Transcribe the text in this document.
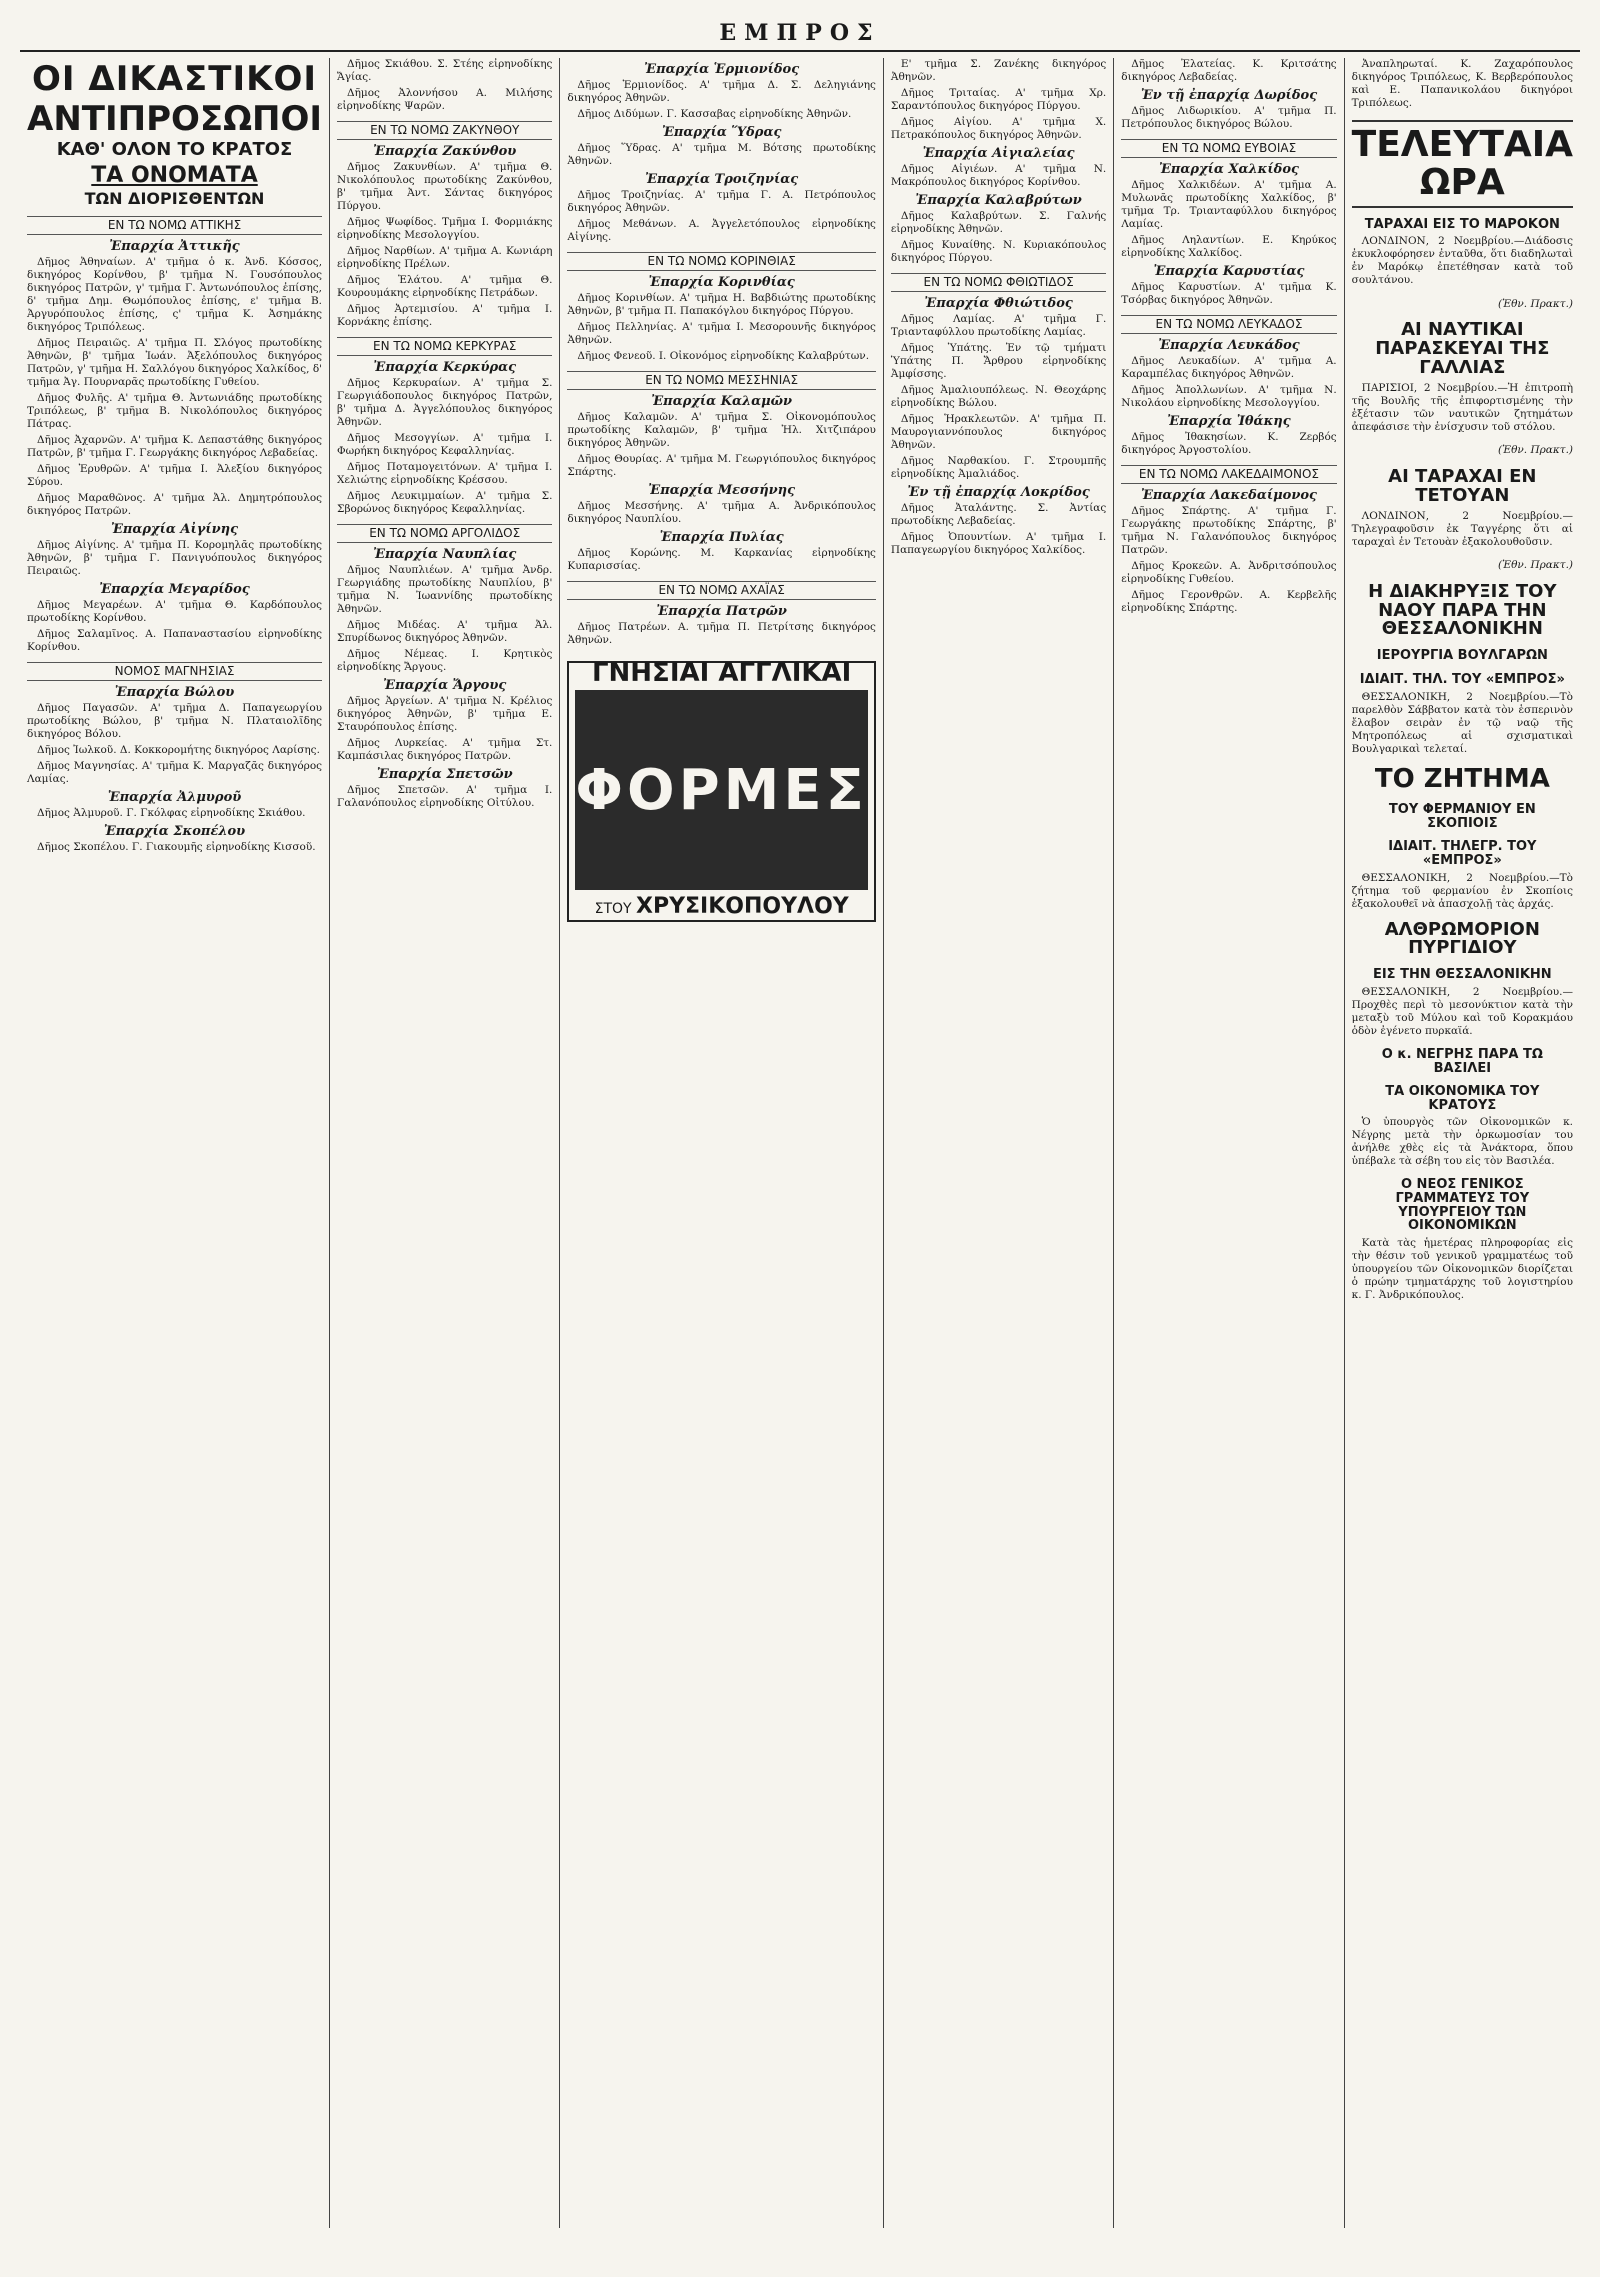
ΕΜΠΡΟΣ
ΟΙ ΔΙΚΑΣΤΙΚΟΙ
ΑΝΤΙΠΡΟΣΩΠΟΙ
ΚΑΘ' ΟΛΟΝ ΤΟ ΚΡΑΤΟΣ
ΤΑ ΟΝΟΜΑΤΑ
ΤΩΝ ΔΙΟΡΙΣΘΕΝΤΩΝ
ΕΝ ΤΩ ΝΟΜΩ ΑΤΤΙΚΗΣ
Ἐπαρχία Ἀττικῆς

Δῆμος Ἀθηναίων. Α' τμῆμα ὁ κ. Ἀνδ. Κόσσος, δικηγόρος Κορίνθου, β' τμῆμα Ν. Γουσόπουλος δικηγόρος Πατρῶν, γ' τμῆμα Γ. Ἀντωνόπουλος ἐπίσης, δ' τμῆμα Δημ. Θωμόπουλος ἐπίσης, ε' τμῆμα Β. Ἀργυρόπουλος ἐπίσης, ς' τμῆμα Κ. Ἀσημάκης δικηγόρος Τριπόλεως.

Δῆμος Πειραιῶς. Α' τμῆμα Π. Σλόγος πρωτοδίκης Ἀθηνῶν, β' τμῆμα Ἰωάν. Ἀξελόπουλος δικηγόρος Πατρῶν, γ' τμῆμα Η. Σαλλόγου δικηγόρος Χαλκίδος, δ' τμῆμα Ἀγ. Πουρναρᾶς πρωτοδίκης Γυθείου.

Δῆμος Φυλῆς. Α' τμῆμα Θ. Ἀντωνιάδης πρωτοδίκης Τριπόλεως, β' τμῆμα Β. Νικολόπουλος δικηγόρος Πάτρας.

Δῆμος Ἀχαρνῶν. Α' τμῆμα Κ. Δεπαστάθης δικηγόρος Πατρῶν, β' τμῆμα Γ. Γεωργάκης δικηγόρος Λεβαδείας.

Δῆμος Ἐρυθρῶν. Α' τμῆμα Ι. Ἀλεξίου δικηγόρος Σύρου.

Δῆμος Μαραθῶνος. Α' τμῆμα Ἀλ. Δημητρόπουλος δικηγόρος Πατρῶν.

Ἐπαρχία Αἰγίνης

Δῆμος Αἰγίνης. Α' τμῆμα Π. Κορομηλᾶς πρωτοδίκης Ἀθηνῶν, β' τμῆμα Γ. Πανιγυόπουλος δικηγόρος Πειραιῶς.

Ἐπαρχία Μεγαρίδος

Δῆμος Μεγαρέων. Α' τμῆμα Θ. Καρδόπουλος πρωτοδίκης Κορίνθου.

Δῆμος Σαλαμῖνος. Α. Παπαναστασίου εἰρηνοδίκης Κορίνθου.

ΝΟΜΟΣ ΜΑΓΝΗΣΙΑΣ
Ἐπαρχία Βώλου

Δῆμος Παγασῶν. Α' τμῆμα Δ. Παπαγεωργίου πρωτοδίκης Βώλου, β' τμῆμα Ν. Πλαταιολῖδης δικηγόρος Βόλου.

Δῆμος Ἰωλκοῦ. Δ. Κοκκορομήτης δικηγόρος Λαρίσης.

Δῆμος Μαγνησίας. Α' τμῆμα Κ. Μαργαζᾶς δικηγόρος Λαμίας.

Ἐπαρχία Ἀλμυροῦ

Δῆμος Ἀλμυροῦ. Γ. Γκόλφας εἰρηνοδίκης Σκιάθου.

Ἐπαρχία Σκοπέλου

Δῆμος Σκοπέλου. Γ. Γιακουμῆς εἰρηνοδίκης Κισσοῦ.

Δῆμος Σκιάθου. Σ. Στέης εἰρηνοδίκης Ἄγίας.

Δῆμος Ἀλοννήσου Α. Μιλήσης εἰρηνοδίκης Ψαρῶν.

ΕΝ ΤΩ ΝΟΜΩ ΖΑΚΥΝΘΟΥ
Ἐπαρχία Ζακύνθου

Δῆμος Ζακυνθίων. Α' τμῆμα Θ. Νικολόπουλος πρωτοδίκης Ζακύνθου, β' τμῆμα Ἀντ. Σάντας δικηγόρος Πύργου.

Δῆμος Ψωφίδος. Τμῆμα Ι. Φορμιάκης εἰρηνοδίκης Μεσολογγίου.

Δῆμος Ναρθίων. Α' τμῆμα Α. Κωνιάρη εἰρηνοδίκης Πρέλων.

Δῆμος Ἑλάτου. Α' τμῆμα Θ. Κουρουμάκης εἰρηνοδίκης Πετράδων.

Δῆμος Ἀρτεμισίου. Α' τμῆμα Ι. Κορνάκης ἐπίσης.

ΕΝ ΤΩ ΝΟΜΩ ΚΕΡΚΥΡΑΣ
Ἐπαρχία Κερκύρας

Δῆμος Κερκυραίων. Α' τμῆμα Σ. Γεωργιάδοπουλος δικηγόρος Πατρῶν, β' τμῆμα Δ. Ἀγγελόπουλος δικηγόρος Ἀθηνῶν.

Δῆμος Μεσογγίων. Α' τμῆμα Ι. Φωρήκη δικηγόρος Κεφαλληνίας.

Δῆμος Ποταμογειτόνων. Α' τμῆμα Ι. Χελιώτης εἰρηνοδίκης Κρέσσου.

Δῆμος Λευκιμμαίων. Α' τμῆμα Σ. Σβορώνος δικηγόρος Κεφαλληνίας.

ΕΝ ΤΩ ΝΟΜΩ ΑΡΓΟΛΙΔΟΣ
Ἐπαρχία Ναυπλίας

Δῆμος Ναυπλιέων. Α' τμῆμα Ἀνδρ. Γεωργιάδης πρωτοδίκης Ναυπλίου, β' τμῆμα Ν. Ἰωαννίδης πρωτοδίκης Ἀθηνῶν.

Δῆμος Μιδέας. Α' τμῆμα Ἀλ. Σπυρίδωνος δικηγόρος Ἀθηνῶν.

Δῆμος Νέμεας. Ι. Κρητικὸς εἰρηνοδίκης Ἄργους.

Ἐπαρχία Ἄργους

Δῆμος Ἀργείων. Α' τμῆμα Ν. Κρέλιος δικηγόρος Ἀθηνῶν, β' τμῆμα Ε. Σταυρόπουλος ἐπίσης.

Δῆμος Λυρκείας. Α' τμῆμα Στ. Καμπάσιλας δικηγόρος Πατρῶν.

Ἐπαρχία Σπετσῶν

Δῆμος Σπετσῶν. Α' τμῆμα Ι. Γαλανόπουλος εἰρηνοδίκης Οἰτύλου.

Ἐπαρχία Ἑρμιονίδος

Δῆμος Ἑρμιονίδος. Α' τμῆμα Δ. Σ. Δεληγιάνης δικηγόρος Ἀθηνῶν.

Δῆμος Διδύμων. Γ. Κασσαβας εἰρηνοδίκης Ἀθηνῶν.

Ἐπαρχία Ὕδρας

Δῆμος Ὕδρας. Α' τμῆμα Μ. Βότσης πρωτοδίκης Ἀθηνῶν.

Ἐπαρχία Τροιζηνίας

Δῆμος Τροιζηνίας. Α' τμῆμα Γ. Α. Πετρόπουλος δικηγόρος Ἀθηνῶν.

Δῆμος Μεθάνων. Α. Ἀγγελετόπουλος εἰρηνοδίκης Αἰγίνης.

ΕΝ ΤΩ ΝΟΜΩ ΚΟΡΙΝΘΙΑΣ
Ἐπαρχία Κορινθίας

Δῆμος Κορινθίων. Α' τμῆμα Η. Βαβδιώτης πρωτοδίκης Ἀθηνῶν, β' τμῆμα Π. Παπακόγλου δικηγόρος Πύργου.

Δῆμος Πελληνίας. Α' τμῆμα Ι. Μεσορουνῆς δικηγόρος Ἀθηνῶν.

Δῆμος Φενεοῦ. Ι. Οἰκονόμος εἰρηνοδίκης Καλαβρύτων.

ΕΝ ΤΩ ΝΟΜΩ ΜΕΣΣΗΝΙΑΣ
Ἐπαρχία Καλαμῶν

Δῆμος Καλαμῶν. Α' τμῆμα Σ. Οἰκονομόπουλος πρωτοδίκης Καλαμῶν, β' τμῆμα Ἠλ. Χιτζιπάρου δικηγόρος Ἀθηνῶν.

Δῆμος Θουρίας. Α' τμῆμα Μ. Γεωργιόπουλος δικηγόρος Σπάρτης.

Ἐπαρχία Μεσσήνης

Δῆμος Μεσσήνης. Α' τμῆμα Α. Ἀνδρικόπουλος δικηγόρος Ναυπλίου.

Ἐπαρχία Πυλίας

Δῆμος Κορώνης. Μ. Καρκανίας εἰρηνοδίκης Κυπαρισσίας.

ΕΝ ΤΩ ΝΟΜΩ ΑΧΑΪΑΣ
Ἐπαρχία Πατρῶν

Δῆμος Πατρέων. Α. τμῆμα Π. Πετρίτσης δικηγόρος Ἀθηνῶν.

ΓΝΗΣΙΑΙ ΑΓΓΛΙΚΑΙ
ΦΟΡΜΕΣ
ΣΤΟΥ ΧΡΥΣΙΚΟΠΟΥΛΟΥ

Ε' τμῆμα Σ. Ζανέκης δικηγόρος Ἀθηνῶν.

Δῆμος Τριταίας. Α' τμῆμα Χρ. Σαραντόπουλος δικηγόρος Πύργου.

Δῆμος Αἰγίου. Α' τμῆμα Χ. Πετρακόπουλος δικηγόρος Ἀθηνῶν.

Ἐπαρχία Αἰγιαλείας

Δῆμος Αἰγιέων. Α' τμῆμα Ν. Μακρόπουλος δικηγόρος Κορίνθου.

Ἐπαρχία Καλαβρύτων

Δῆμος Καλαβρύτων. Σ. Γαλνής εἰρηνοδίκης Ἀθηνῶν.

Δῆμος Κυναίθης. Ν. Κυριακόπουλος δικηγόρος Πύργου.

ΕΝ ΤΩ ΝΟΜΩ ΦΘΙΩΤΙΔΟΣ
Ἐπαρχία Φθιώτιδος

Δῆμος Λαμίας. Α' τμῆμα Γ. Τριανταφύλλου πρωτοδίκης Λαμίας.

Δῆμος Ὑπάτης. Ἐν τῷ τμήματι Ὑπάτης Π. Ἄρθρου εἰρηνοδίκης Ἀμφίσσης.

Δῆμος Ἀμαλιουπόλεως. Ν. Θεοχάρης εἰρηνοδίκης Βώλου.

Δῆμος Ἡρακλεωτῶν. Α' τμῆμα Π. Μαυρογιαννόπουλος δικηγόρος Ἀθηνῶν.

Δῆμος Ναρθακίου. Γ. Στρουμπῆς εἰρηνοδίκης Ἀμαλιάδος.

Ἐν τῇ ἐπαρχίᾳ Λοκρίδος

Δῆμος Ἀταλάντης. Σ. Ἀντίας πρωτοδίκης Λεβαδείας.

Δῆμος Ὀπουντίων. Α' τμῆμα Ι. Παπαγεωργίου δικηγόρος Χαλκίδος.

Δῆμος Ἐλατείας. Κ. Κριτσάτης δικηγόρος Λεβαδείας.

Ἐν τῇ ἐπαρχίᾳ Δωρίδος

Δῆμος Λιδωρικίου. Α' τμῆμα Π. Πετρόπουλος δικηγόρος Βώλου.

ΕΝ ΤΩ ΝΟΜΩ ΕΥΒΟΙΑΣ
Ἐπαρχία Χαλκίδος

Δῆμος Χαλκιδέων. Α' τμῆμα Α. Μυλωνᾶς πρωτοδίκης Χαλκίδος, β' τμῆμα Τρ. Τριανταφύλλου δικηγόρος Λαμίας.

Δῆμος Ληλαντίων. Ε. Κηρύκος εἰρηνοδίκης Χαλκίδος.

Ἐπαρχία Καρυστίας

Δῆμος Καρυστίων. Α' τμῆμα Κ. Τσόρβας δικηγόρος Ἀθηνῶν.

ΕΝ ΤΩ ΝΟΜΩ ΛΕΥΚΑΔΟΣ
Ἐπαρχία Λευκάδος

Δῆμος Λευκαδίων. Α' τμῆμα Α. Καραμπέλας δικηγόρος Ἀθηνῶν.

Δῆμος Ἀπολλωνίων. Α' τμῆμα Ν. Νικολάου εἰρηνοδίκης Μεσολογγίου.

Ἐπαρχία Ἰθάκης

Δῆμος Ἰθακησίων. Κ. Ζερβός δικηγόρος Ἀργοστολίου.

ΕΝ ΤΩ ΝΟΜΩ ΛΑΚΕΔΑΙΜΟΝΟΣ
Ἐπαρχία Λακεδαίμονος

Δῆμος Σπάρτης. Α' τμῆμα Γ. Γεωργάκης πρωτοδίκης Σπάρτης, β' τμῆμα Ν. Γαλανόπουλος δικηγόρος Πατρῶν.

Δῆμος Κροκεῶν. Α. Ἀνδριτσόπουλος εἰρηνοδίκης Γυθείου.

Δῆμος Γερονθρῶν. Α. Κερβελῆς εἰρηνοδίκης Σπάρτης.

Ἀναπληρωταί. Κ. Ζαχαρόπουλος δικηγόρος Τριπόλεως, Κ. Βερβερόπουλος καὶ Ε. Παπανικολάου δικηγόροι Τριπόλεως.

ΤΕΛΕΥΤΑΙΑ ΩΡΑ
ΤΑΡΑΧΑΙ ΕΙΣ ΤΟ ΜΑΡΟΚΟΝ

ΛΟΝΔΙΝΟΝ, 2 Νοεμβρίου.—Διάδοσις ἐκυκλοφόρησεν ἐνταῦθα, ὅτι διαδηλωταὶ ἐν Μαρόκῳ ἐπετέθησαν κατὰ τοῦ σουλτάνου.

(Ἐθν. Πρακτ.)

ΑΙ ΝΑΥΤΙΚΑΙ ΠΑΡΑΣΚΕΥΑΙ ΤΗΣ ΓΑΛΛΙΑΣ

ΠΑΡΙΣΙΟΙ, 2 Νοεμβρίου.—Ἡ ἐπιτροπὴ τῆς Βουλῆς τῆς ἐπιφορτισμένης τὴν ἐξέτασιν τῶν ναυτικῶν ζητημάτων ἀπεφάσισε τὴν ἐνίσχυσιν τοῦ στόλου.

(Ἐθν. Πρακτ.)

ΑΙ ΤΑΡΑΧΑΙ ΕΝ ΤΕΤΟΥΑΝ

ΛΟΝΔΙΝΟΝ, 2 Νοεμβρίου.—Τηλεγραφοῦσιν ἐκ Ταγγέρης ὅτι αἱ ταραχαὶ ἐν Τετουὰν ἐξακολουθοῦσιν.

(Ἐθν. Πρακτ.)

Η ΔΙΑΚΗΡΥΞΙΣ ΤΟΥ ΝΑΟΥ ΠΑΡΑ ΤΗΝ ΘΕΣΣΑΛΟΝΙΚΗΝ
ΙΕΡΟΥΡΓΙΑ ΒΟΥΛΓΑΡΩΝ
ΙΔΙΑΙΤ. ΤΗΛ. ΤΟΥ «ΕΜΠΡΟΣ»

ΘΕΣΣΑΛΟΝΙΚΗ, 2 Νοεμβρίου.—Τὸ παρελθὸν Σάββατον κατὰ τὸν ἑσπερινὸν ἔλαβον σειρὰν ἐν τῷ ναῷ τῆς Μητροπόλεως αἱ σχισματικαὶ Βουλγαρικαὶ τελεταί.

ΤΟ ΖΗΤΗΜΑ
ΤΟΥ ΦΕΡΜΑΝΙΟΥ ΕΝ ΣΚΟΠΙΟΙΣ
ΙΔΙΑΙΤ. ΤΗΛΕΓΡ. ΤΟΥ «ΕΜΠΡΟΣ»

ΘΕΣΣΑΛΟΝΙΚΗ, 2 Νοεμβρίου.—Τὸ ζήτημα τοῦ φερμανίου ἐν Σκοπίοις ἐξακολουθεῖ νὰ ἀπασχολῇ τὰς ἀρχάς.

ΑΛΘΡΩΜΟΡΙΟΝ ΠΥΡΓΙΔΙΟΥ
ΕΙΣ ΤΗΝ ΘΕΣΣΑΛΟΝΙΚΗΝ

ΘΕΣΣΑΛΟΝΙΚΗ, 2 Νοεμβρίου.—Προχθὲς περὶ τὸ μεσονύκτιον κατὰ τὴν μεταξὺ τοῦ Μύλου καὶ τοῦ Κορακμάου ὁδὸν ἐγένετο πυρκαϊά.

Ο κ. ΝΕΓΡΗΣ ΠΑΡΑ ΤΩ ΒΑΣΙΛΕΙ
ΤΑ ΟΙΚΟΝΟΜΙΚΑ ΤΟΥ ΚΡΑΤΟΥΣ

Ὁ ὑπουργὸς τῶν Οἰκονομικῶν κ. Νέγρης μετὰ τὴν ὁρκωμοσίαν του ἀνήλθε χθὲς εἰς τὰ Ἀνάκτορα, ὅπου ὑπέβαλε τὰ σέβη του εἰς τὸν Βασιλέα.

Ο ΝΕΟΣ ΓΕΝΙΚΟΣ ΓΡΑΜΜΑΤΕΥΣ ΤΟΥ ΥΠΟΥΡΓΕΙΟΥ ΤΩΝ ΟΙΚΟΝΟΜΙΚΩΝ

Κατὰ τὰς ἡμετέρας πληροφορίας εἰς τὴν θέσιν τοῦ γενικοῦ γραμματέως τοῦ ὑπουργείου τῶν Οἰκονομικῶν διορίζεται ὁ πρώην τμηματάρχης τοῦ λογιστηρίου κ. Γ. Ἀνδρικόπουλος.
